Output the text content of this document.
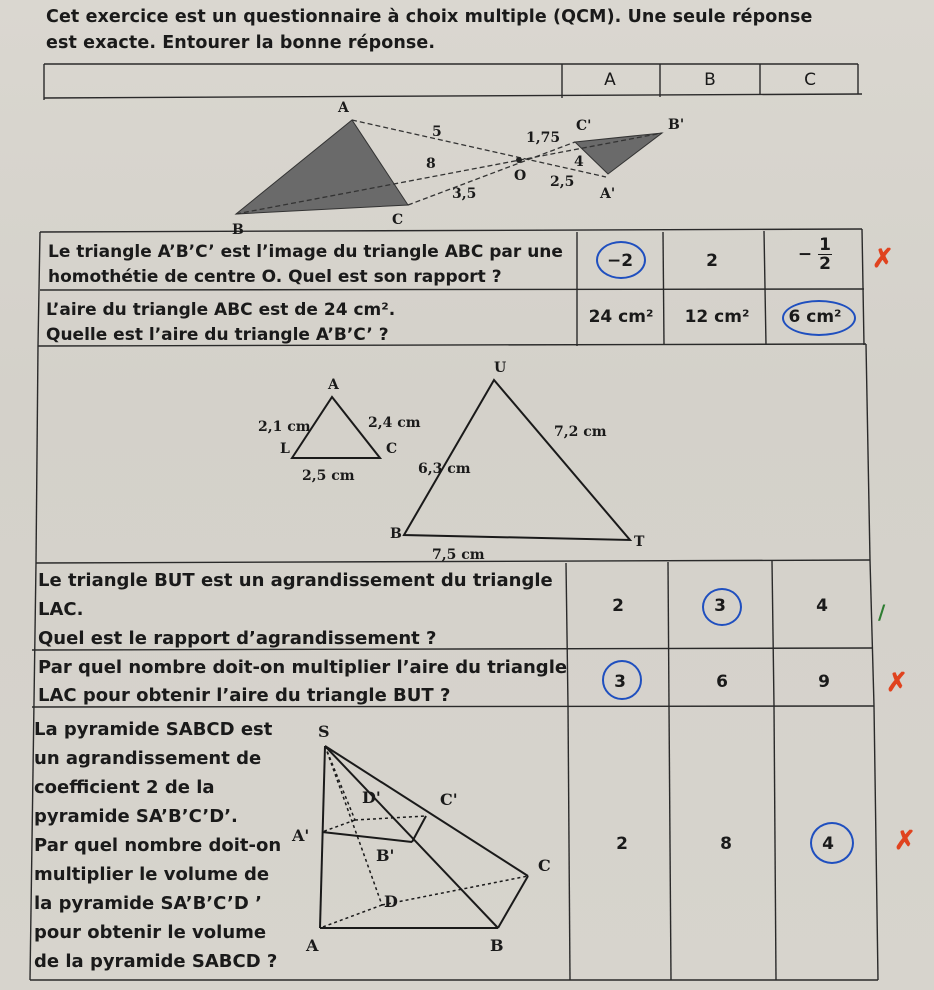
Cet exercice est un questionnaire à choix multiple (QCM). Une seule réponse est exacte. Entourer la bonne réponse.
A	B	C
A
B
C
O
A'
B'
C'
5
8
3,5
1,75
4
2,5
Le triangle A’B’C’ est l’image du triangle ABC par une
homothétie de centre O. Quel est son rapport ?
−2	2	− $\frac{1}{2}$ ✗
L’aire du triangle ABC est de 24 cm².
Quelle est l’aire du triangle A’B’C’ ?
24 cm²	12 cm²	6 cm²
A
L	C
2,1 cm	2,4 cm
2,5 cm
U
B	T
7,2 cm
6,3 cm
7,5 cm
Le triangle BUT est un agrandissement du triangle
LAC.
Quel est le rapport d’agrandissement ?
2	3	4	/
Par quel nombre doit-on multiplier l’aire du triangle
LAC pour obtenir l’aire du triangle BUT ?
3	6	9	✗
La pyramide SABCD est
un agrandissement de
coefficient 2 de la
pyramide SA’B’C’D’.
Par quel nombre doit-on
multiplier le volume de
la pyramide SA’B’C’D ’
pour obtenir le volume
de la pyramide SABCD ?
S
D'	C'
A'
B'
C
D
A	B
2	8	4	✗
